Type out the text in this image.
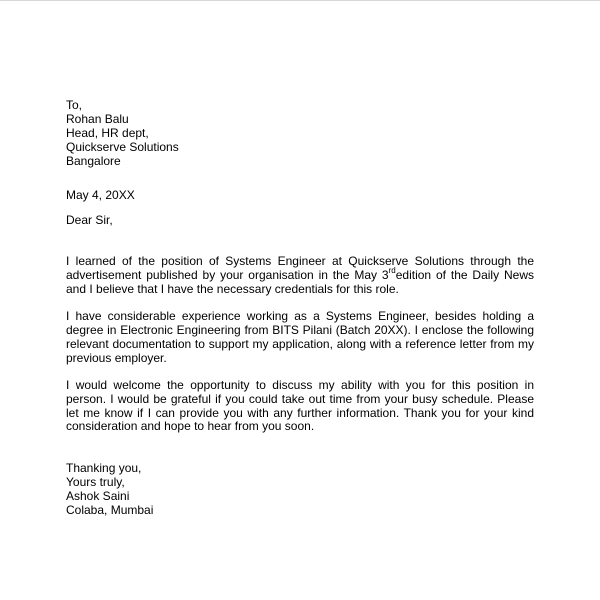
To,
Rohan Balu
Head, HR dept,
Quickserve Solutions
Bangalore
May 4, 20XX
Dear Sir,

I learned of the position of Systems Engineer at Quickserve Solutions through the advertisement published by your organisation in the May 3rdedition of the Daily News and I believe that I have the necessary credentials for this role.

I have considerable experience working as a Systems Engineer, besides holding a degree in Electronic Engineering from BITS Pilani (Batch 20XX). I enclose the following relevant documentation to support my application, along with a reference letter from my previous employer.

I would welcome the opportunity to discuss my ability with you for this position in person. I would be grateful if you could take out time from your busy schedule. Please let me know if I can provide you with any further information. Thank you for your kind consideration and hope to hear from you soon.

Thanking you,
Yours truly,
Ashok Saini
Colaba, Mumbai
